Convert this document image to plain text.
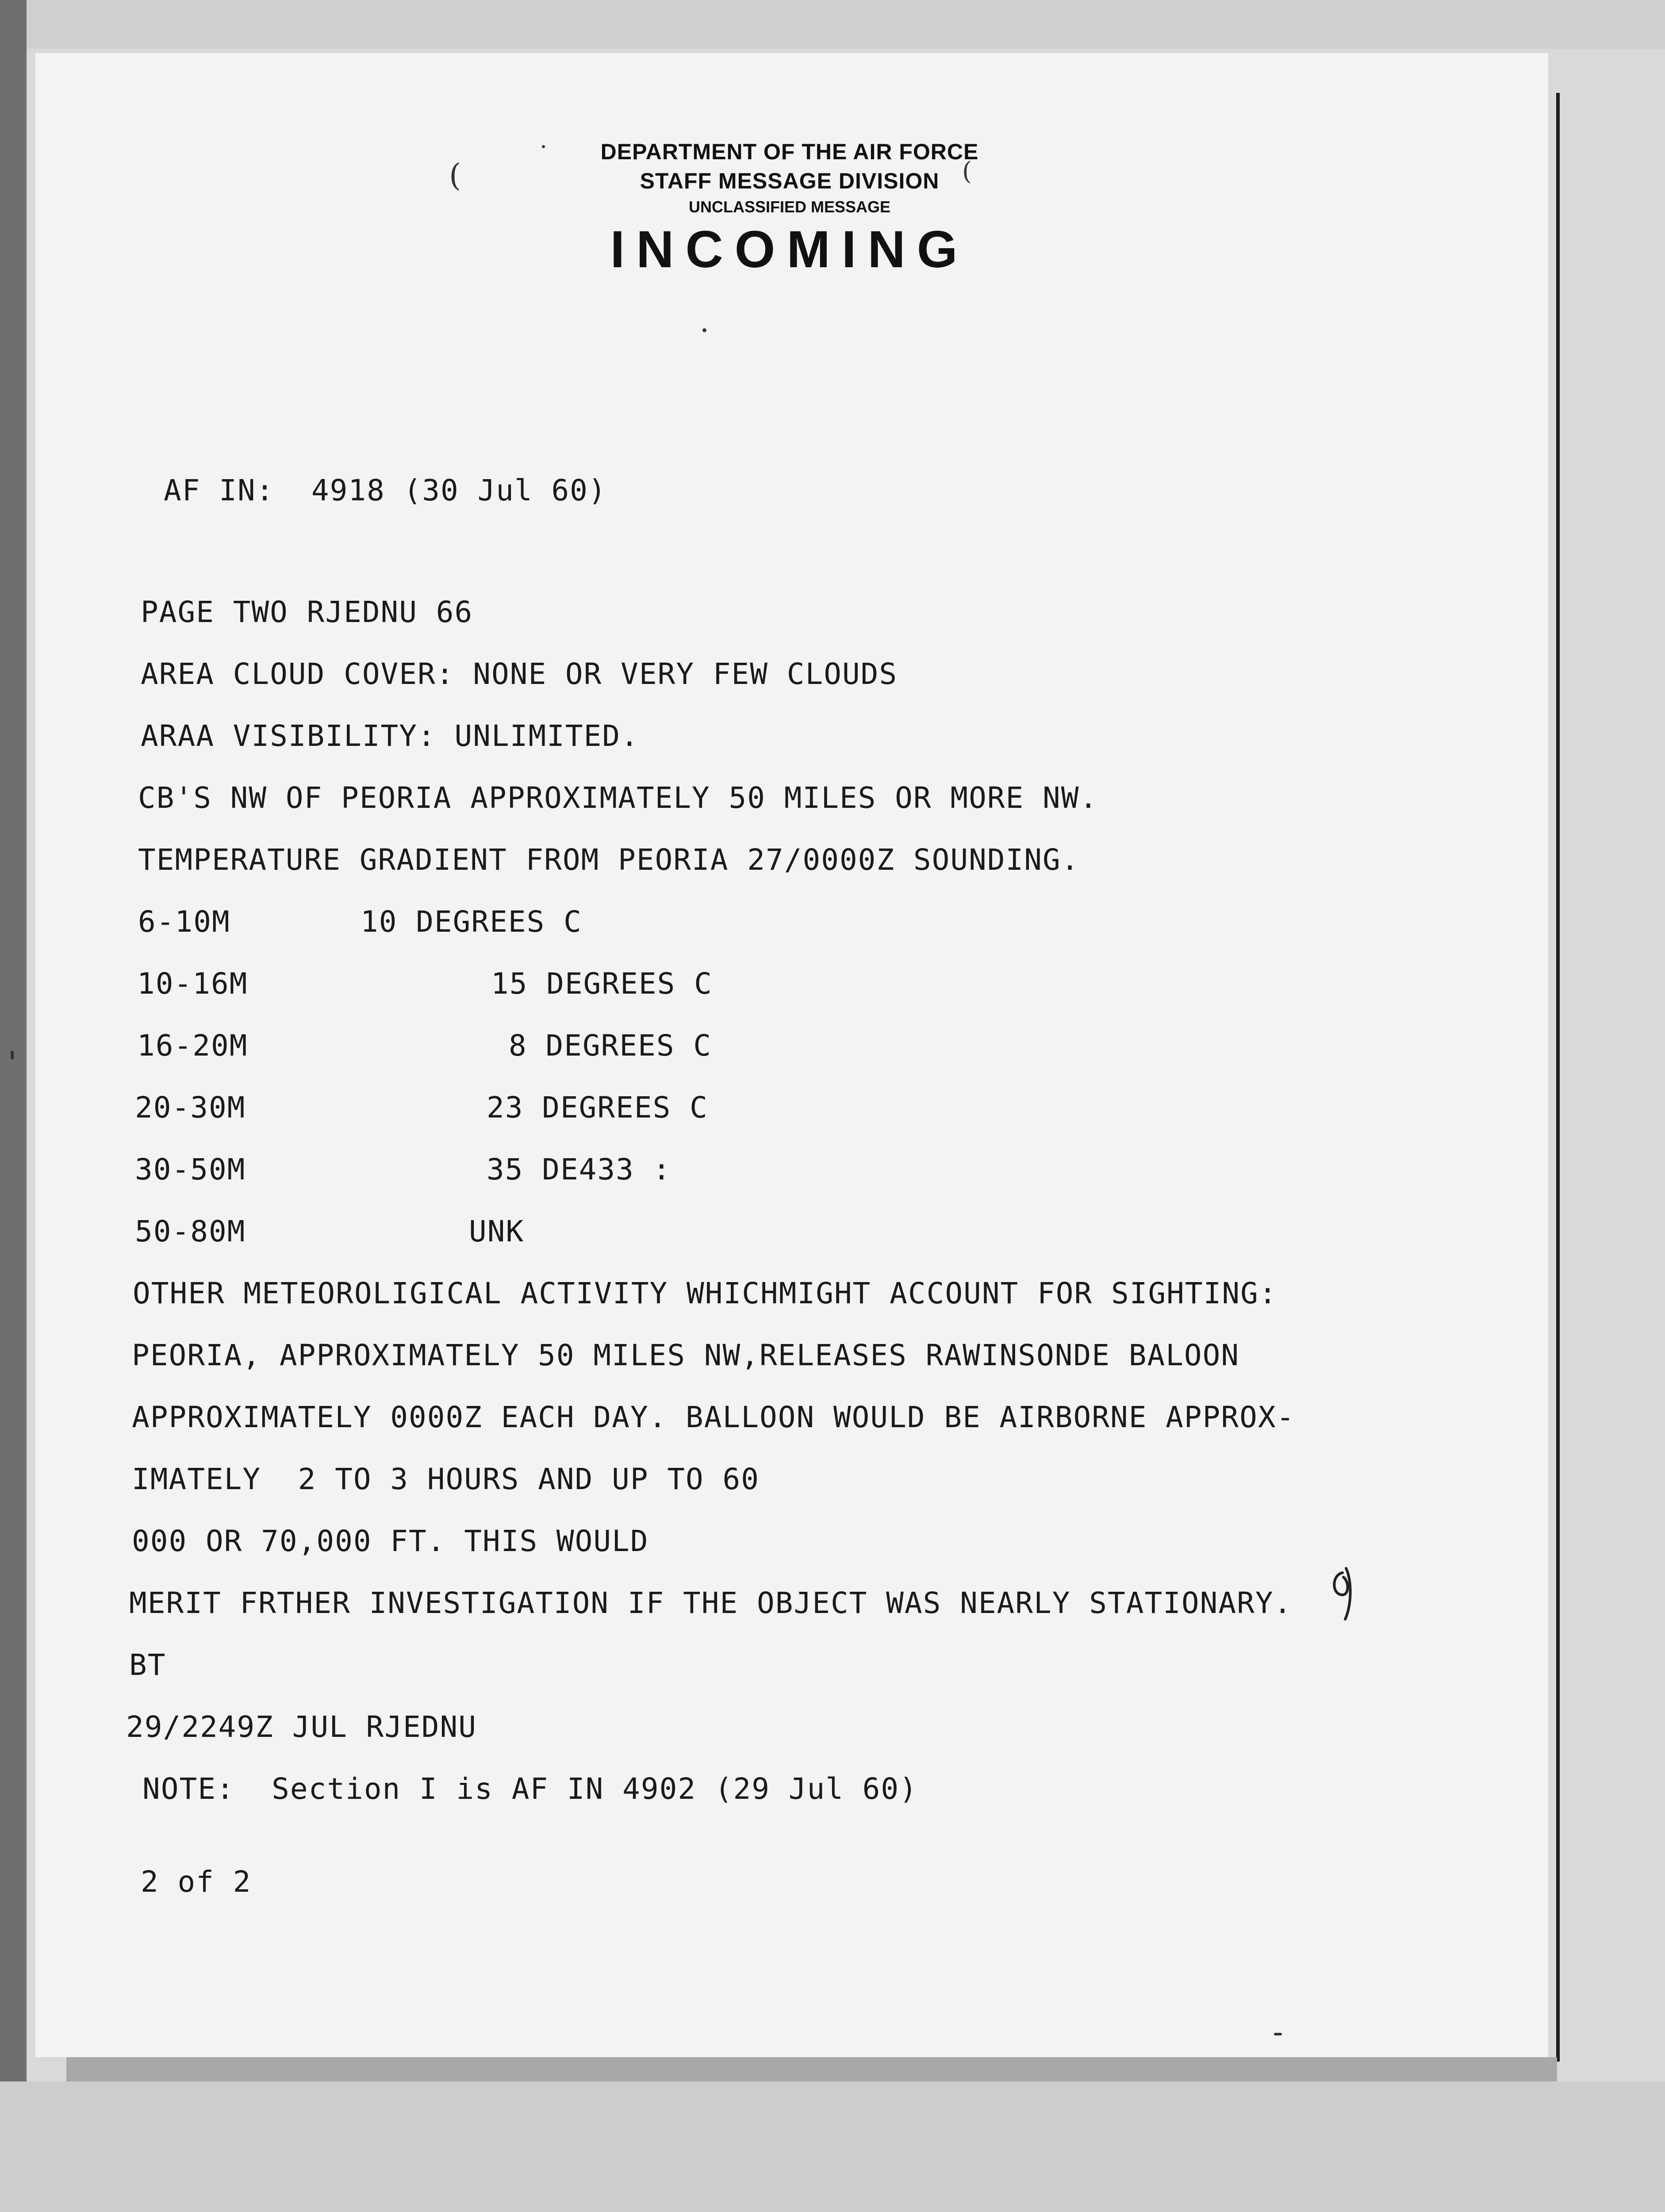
(	(
DEPARTMENT OF THE AIR FORCE
STAFF MESSAGE DIVISION
UNCLASSIFIED MESSAGE
INCOMING
AF IN:  4918 (30 Jul 60)
PAGE TWO RJEDNU 66
AREA CLOUD COVER: NONE OR VERY FEW CLOUDS
ARAA VISIBILITY: UNLIMITED.
CB'S NW OF PEORIA APPROXIMATELY 50 MILES OR MORE NW.
TEMPERATURE GRADIENT FROM PEORIA 27/0000Z SOUNDING.
6-10M	10 DEGREES C
10-16M	15 DEGREES C
16-20M	8 DEGREES C
20-30M	23 DEGREES C
30-50M	35 DE433 :
50-80M	UNK
OTHER METEOROLIGICAL ACTIVITY WHICHMIGHT ACCOUNT FOR SIGHTING:
PEORIA, APPROXIMATELY 50 MILES NW,RELEASES RAWINSONDE BALOON
APPROXIMATELY 0000Z EACH DAY. BALLOON WOULD BE AIRBORNE APPROX-
IMATELY  2 TO 3 HOURS AND UP TO 60
000 OR 70,000 FT. THIS WOULD
MERIT FRTHER INVESTIGATION IF THE OBJECT WAS NEARLY STATIONARY.
BT
29/2249Z JUL RJEDNU
NOTE:  Section I is AF IN 4902 (29 Jul 60)
2 of 2
